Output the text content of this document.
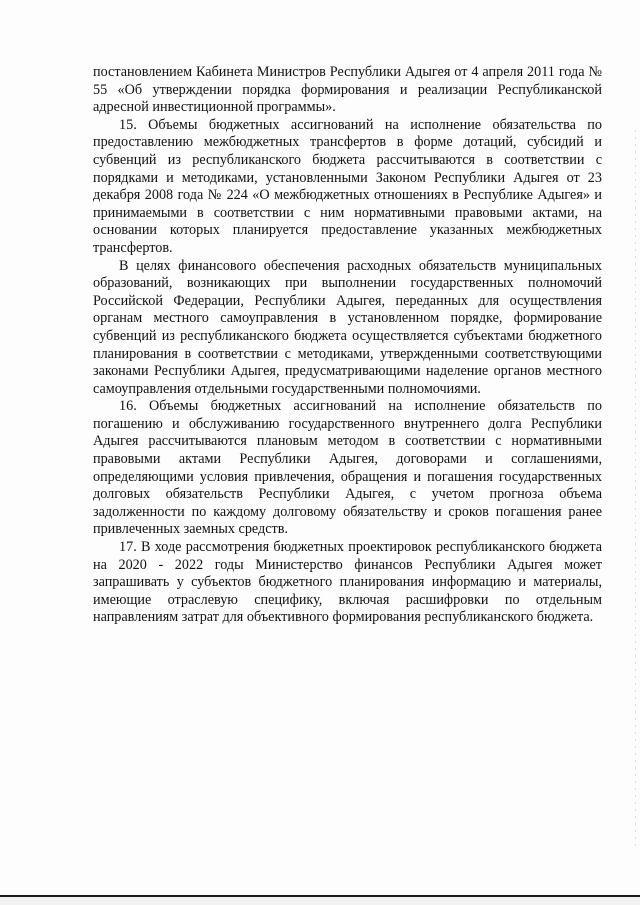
постановлением Кабинета Министров Республики Адыгея от 4 апреля 2011 года № 55 «Об утверждении порядка формирования и реализации Республиканской адресной инвестиционной программы».

15. Объемы бюджетных ассигнований на исполнение обязательства по предоставлению межбюджетных трансфертов в форме дотаций, субсидий и субвенций из республиканского бюджета рассчитываются в соответствии с порядками и методиками, установленными Законом Республики Адыгея от 23 декабря 2008 года № 224 «О межбюджетных отношениях в Республике Адыгея» и принимаемыми в соответствии с ним нормативными правовыми актами, на основании которых планируется предоставление указанных межбюджетных трансфертов.

В целях финансового обеспечения расходных обязательств муниципальных образований, возникающих при выполнении государственных полномочий Российской Федерации, Республики Адыгея, переданных для осуществления органам местного самоуправления в установленном порядке, формирование субвенций из республиканского бюджета осуществляется субъектами бюджетного планирования в соответствии с методиками, утвержденными соответствующими законами Республики Адыгея, предусматривающими наделение органов местного самоуправления отдельными государственными полномочиями.

16. Объемы бюджетных ассигнований на исполнение обязательств по погашению и обслуживанию государственного внутреннего долга Республики Адыгея рассчитываются плановым методом в соответствии с нормативными правовыми актами Республики Адыгея, договорами и соглашениями, определяющими условия привлечения, обращения и погашения государственных долговых обязательств Республики Адыгея, с учетом прогноза объема задолженности по каждому долговому обязательству и сроков погашения ранее привлеченных заемных средств.

17. В ходе рассмотрения бюджетных проектировок республиканского бюджета на 2020 - 2022 годы Министерство финансов Республики Адыгея может запрашивать у субъектов бюджетного планирования информацию и материалы, имеющие отраслевую специфику, включая расшифровки по отдельным направлениям затрат для объективного формирования республиканского бюджета.
